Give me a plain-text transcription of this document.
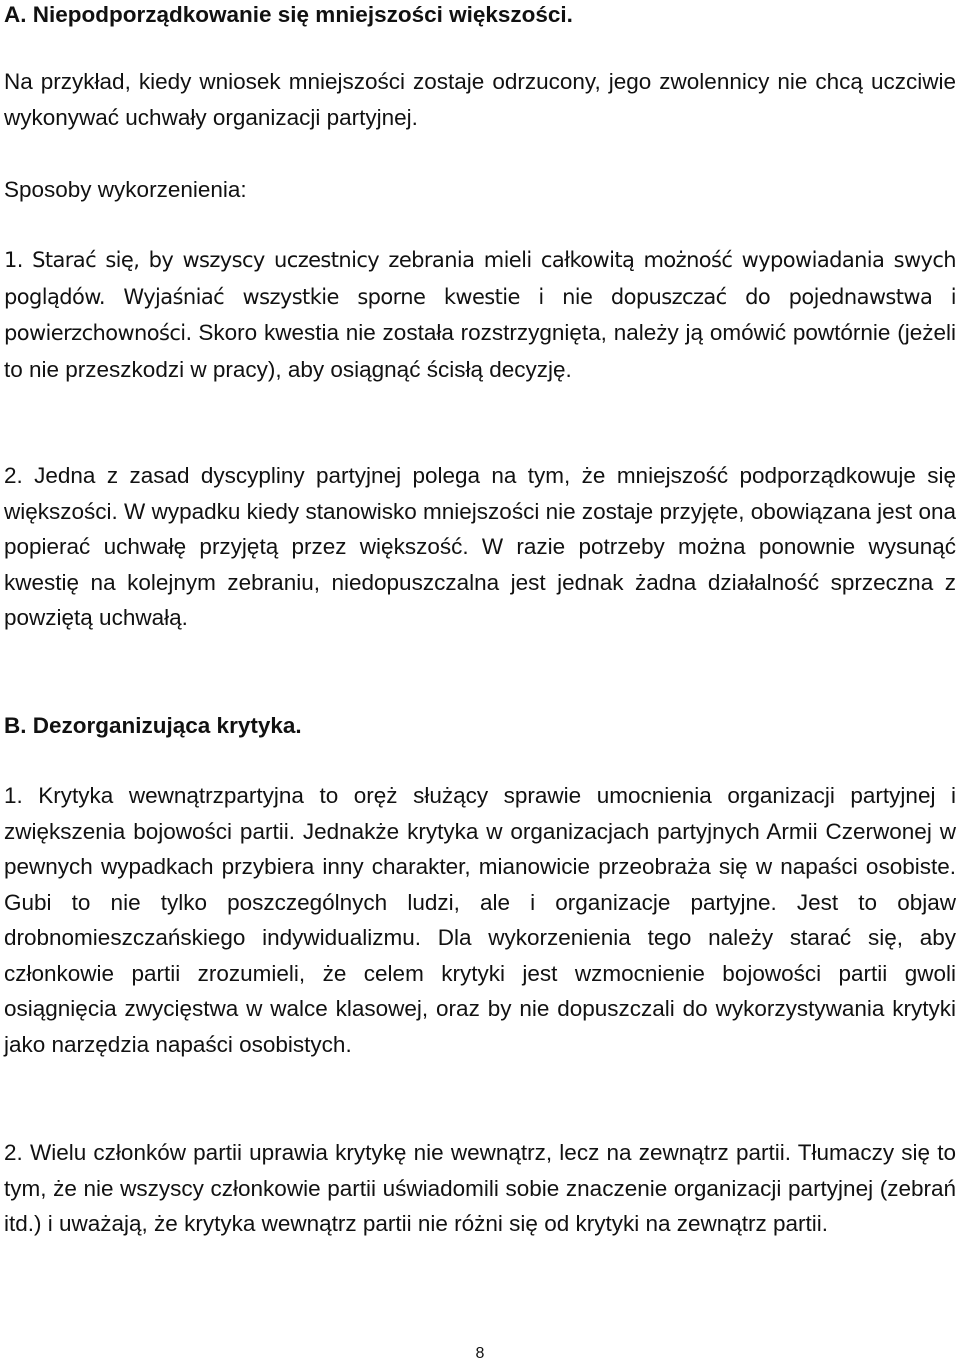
A. Niepodporządkowanie się mniejszości większości.

Na przykład, kiedy wniosek mniejszości zostaje odrzucony, jego zwolennicy nie chcą uczciwie wykonywać uchwały organizacji partyjnej.

Sposoby wykorzenienia:

1. Starać się, by wszyscy uczestnicy zebrania mieli całkowitą możność wypowiadania swych poglądów. Wyjaśniać wszystkie sporne kwestie i nie dopuszczać do pojednawstwa i powierzchowności. Skoro kwestia nie została rozstrzygnięta, należy ją omówić powtórnie (jeżeli to nie przeszkodzi w pracy), aby osiągnąć ścisłą decyzję.

2. Jedna z zasad dyscypliny partyjnej polega na tym, że mniejszość podporządkowuje się większości. W wypadku kiedy stanowisko mniejszości nie zostaje przyjęte, obowiązana jest ona popierać uchwałę przyjętą przez większość. W razie potrzeby można ponownie wysunąć kwestię na kolejnym zebraniu, niedopuszczalna jest jednak żadna działalność sprzeczna z powziętą uchwałą.

B. Dezorganizująca krytyka.

1. Krytyka wewnątrzpartyjna to oręż służący sprawie umocnienia organizacji partyjnej i zwiększenia bojowości partii. Jednakże krytyka w organizacjach partyjnych Armii Czerwonej w pewnych wypadkach przybiera inny charakter, mianowicie przeobraża się w napaści osobiste. Gubi to nie tylko poszczególnych ludzi, ale i organizacje partyjne. Jest to objaw drobnomieszczańskiego indywidualizmu. Dla wykorzenienia tego należy starać się, aby członkowie partii zrozumieli, że celem krytyki jest wzmocnienie bojowości partii gwoli osiągnięcia zwycięstwa w walce klasowej, oraz by nie dopuszczali do wykorzystywania krytyki jako narzędzia napaści osobistych.

2. Wielu członków partii uprawia krytykę nie wewnątrz, lecz na zewnątrz partii. Tłumaczy się to tym, że nie wszyscy członkowie partii uświadomili sobie znaczenie organizacji partyjnej (zebrań itd.) i uważają, że krytyka wewnątrz partii nie różni się od krytyki na zewnątrz partii.

8
